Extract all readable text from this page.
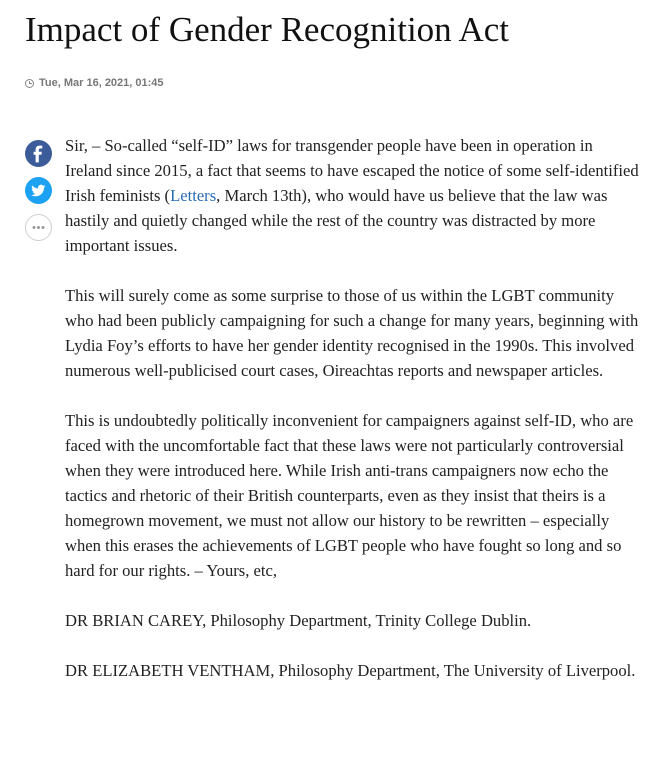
Impact of Gender Recognition Act
Tue, Mar 16, 2021, 01:45

Sir, – So-called “self-ID” laws for transgender people have been in operation in Ireland since 2015, a fact that seems to have escaped the notice of some self-identified Irish feminists (Letters, March 13th), who would have us believe that the law was hastily and quietly changed while the rest of the country was distracted by more important issues.

This will surely come as some surprise to those of us within the LGBT community who had been publicly campaigning for such a change for many years, beginning with Lydia Foy’s efforts to have her gender identity recognised in the 1990s. This involved numerous well-publicised court cases, Oireachtas reports and newspaper articles.

This is undoubtedly politically inconvenient for campaigners against self-ID, who are faced with the uncomfortable fact that these laws were not particularly controversial when they were introduced here. While Irish anti-trans campaigners now echo the tactics and rhetoric of their British counterparts, even as they insist that theirs is a homegrown movement, we must not allow our history to be rewritten – especially when this erases the achievements of LGBT people who have fought so long and so hard for our rights. – Yours, etc,

DR BRIAN CAREY, Philosophy Department, Trinity College Dublin.

DR ELIZABETH VENTHAM, Philosophy Department, The University of Liverpool.
